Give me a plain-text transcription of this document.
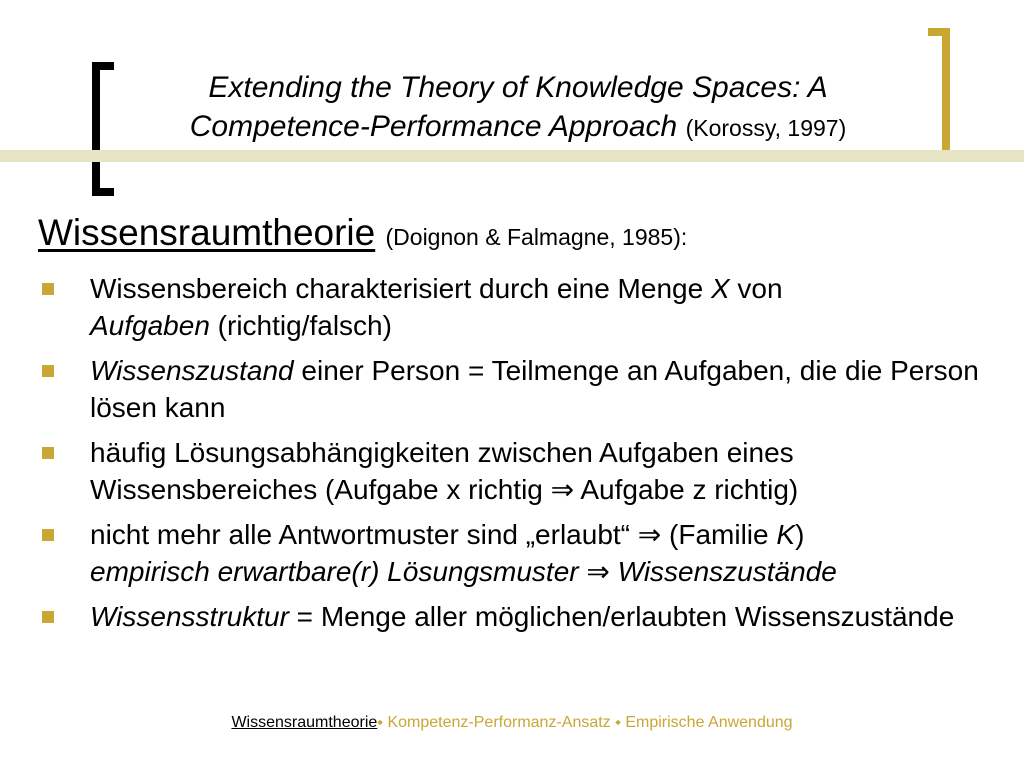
Extending the Theory of Knowledge Spaces: A
Competence-Performance Approach (Korossy, 1997)
Wissensraumtheorie (Doignon & Falmagne, 1985):
Wissensbereich charakterisiert durch eine Menge X von
Aufgaben (richtig/falsch)
Wissenszustand einer Person = Teilmenge an Aufgaben, die die Person lösen kann
häufig Lösungsabhängigkeiten zwischen Aufgaben eines Wissensbereiches (Aufgabe x richtig ⇒ Aufgabe z richtig)
nicht mehr alle Antwortmuster sind „erlaubt“ ⇒ (Familie K)
empirisch erwartbare(r) Lösungsmuster ⇒ Wissenszustände
Wissensstruktur = Menge aller möglichen/erlaubten Wissenszustände
Wissensraumtheorie⬩ Kompetenz-Performanz-Ansatz ⬩ Empirische Anwendung
